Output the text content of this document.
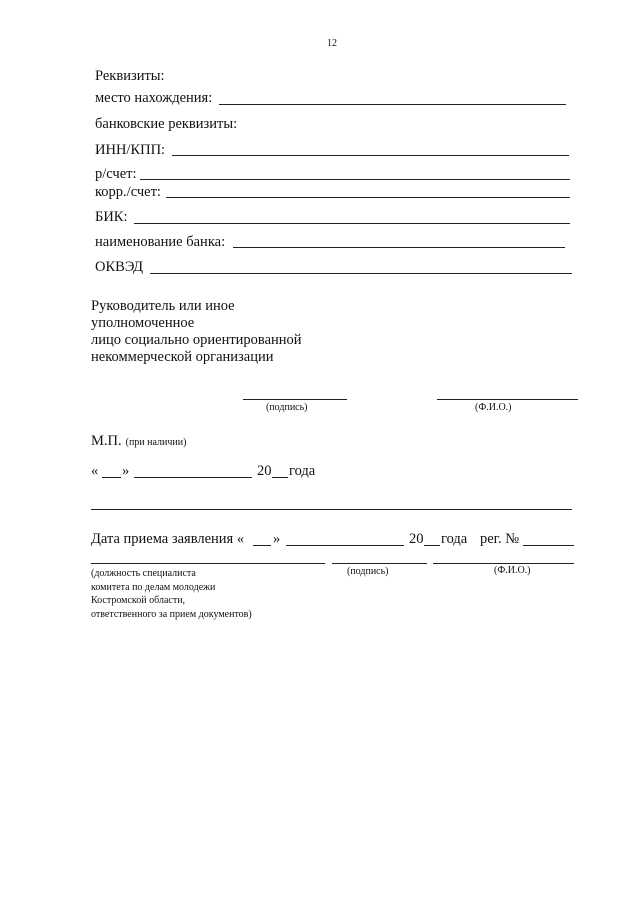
12
Реквизиты:
место нахождения:
банковские реквизиты:
ИНН/КПП:
р/счет:
корр./счет:
БИК:
наименование банка:
ОКВЭД
Руководитель или иное
уполномоченное
лицо социально ориентированной
некоммерческой организации
(подпись)	(Ф.И.О.)
М.П. (при наличии)
« »	20 года
Дата приема заявления « »	20 года рег. №
(подпись)	(Ф.И.О.)
(должность специалиста
комитета по делам молодежи
Костромской области,
ответственного за прием документов)
